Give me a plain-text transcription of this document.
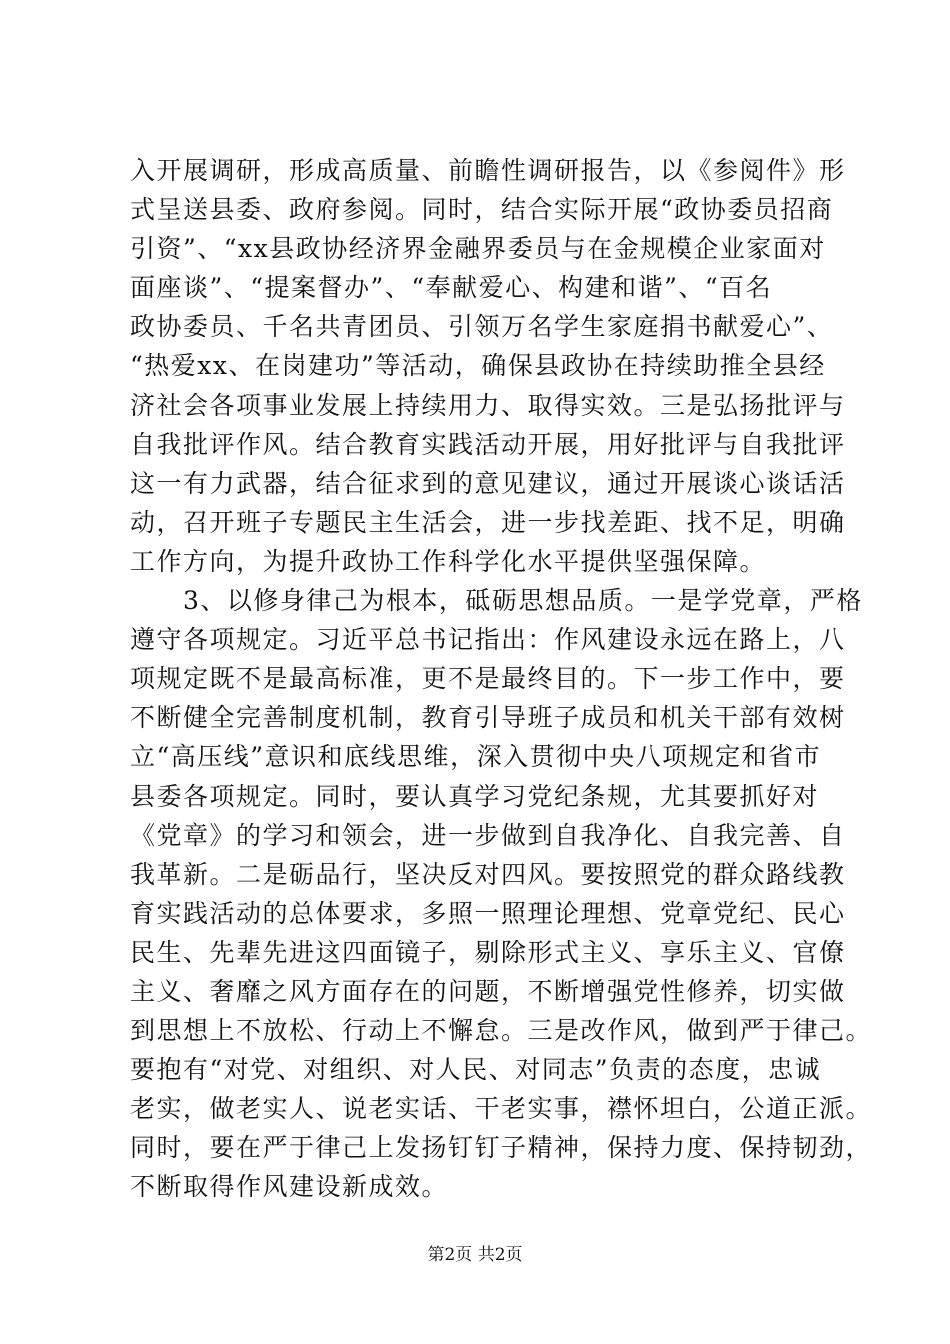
入开展调研，形成高质量、前瞻性调研报告，以《参阅件》形
式呈送县委、政府参阅。同时，结合实际开展“政协委员招商
引资”、“xx县政协经济界金融界委员与在金规模企业家面对
面座谈”、“提案督办”、“奉献爱心、构建和谐”、“百名
政协委员、千名共青团员、引领万名学生家庭捐书献爱心”、
“热爱xx、在岗建功”等活动，确保县政协在持续助推全县经
济社会各项事业发展上持续用力、取得实效。三是弘扬批评与
自我批评作风。结合教育实践活动开展，用好批评与自我批评
这一有力武器，结合征求到的意见建议，通过开展谈心谈话活
动，召开班子专题民主生活会，进一步找差距、找不足，明确
工作方向，为提升政协工作科学化水平提供坚强保障。
　　3、以修身律己为根本，砥砺思想品质。一是学党章，严格
遵守各项规定。习近平总书记指出：作风建设永远在路上，八
项规定既不是最高标准，更不是最终目的。下一步工作中，要
不断健全完善制度机制，教育引导班子成员和机关干部有效树
立“高压线”意识和底线思维，深入贯彻中央八项规定和省市
县委各项规定。同时，要认真学习党纪条规，尤其要抓好对
《党章》的学习和领会，进一步做到自我净化、自我完善、自
我革新。二是砺品行，坚决反对四风。要按照党的群众路线教
育实践活动的总体要求，多照一照理论理想、党章党纪、民心
民生、先辈先进这四面镜子，剔除形式主义、享乐主义、官僚
主义、奢靡之风方面存在的问题，不断增强党性修养，切实做
到思想上不放松、行动上不懈怠。三是改作风，做到严于律己。
要抱有“对党、对组织、对人民、对同志”负责的态度，忠诚
老实，做老实人、说老实话、干老实事，襟怀坦白，公道正派。
同时，要在严于律己上发扬钉钉子精神，保持力度、保持韧劲，
不断取得作风建设新成效。
第2页 共2页
